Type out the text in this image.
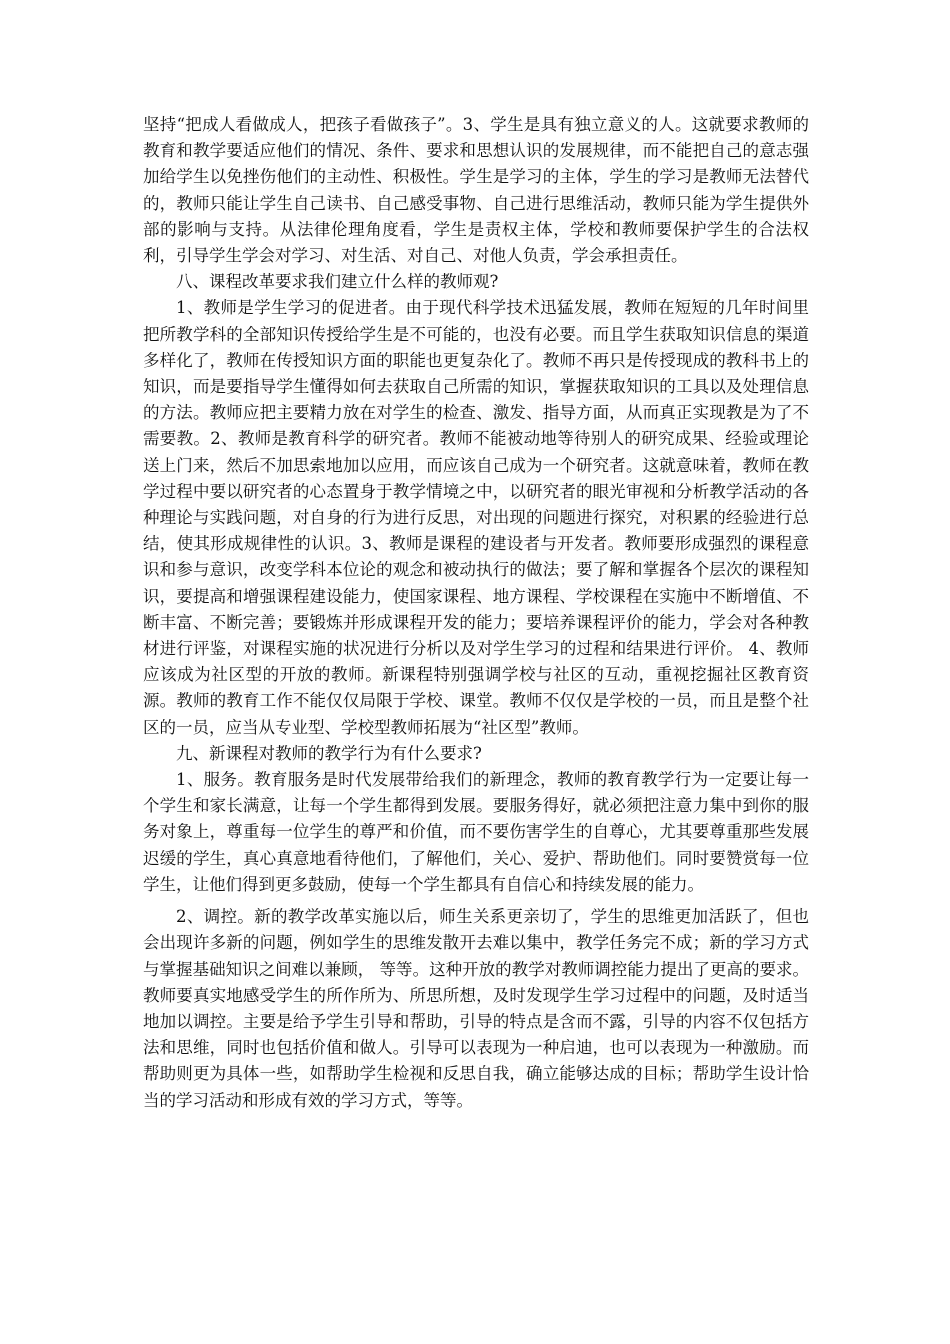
坚持“把成人看做成人，把孩子看做孩子”。3、学生是具有独立意义的人。这就要求教师的教育和教学要适应他们的情况、条件、要求和思想认识的发展规律，而不能把自己的意志强加给学生以免挫伤他们的主动性、积极性。学生是学习的主体，学生的学习是教师无法替代的，教师只能让学生自己读书、自己感受事物、自己进行思维活动，教师只能为学生提供外部的影响与支持。从法律伦理角度看，学生是责权主体，学校和教师要保护学生的合法权利，引导学生学会对学习、对生活、对自己、对他人负责，学会承担责任。

八、课程改革要求我们建立什么样的教师观?

1、教师是学生学习的促进者。由于现代科学技术迅猛发展，教师在短短的几年时间里把所教学科的全部知识传授给学生是不可能的，也没有必要。而且学生获取知识信息的渠道多样化了，教师在传授知识方面的职能也更复杂化了。教师不再只是传授现成的教科书上的知识，而是要指导学生懂得如何去获取自己所需的知识，掌握获取知识的工具以及处理信息的方法。教师应把主要精力放在对学生的检查、激发、指导方面，从而真正实现教是为了不需要教。2、教师是教育科学的研究者。教师不能被动地等待别人的研究成果、经验或理论送上门来，然后不加思索地加以应用，而应该自己成为一个研究者。这就意味着，教师在教学过程中要以研究者的心态置身于教学情境之中，以研究者的眼光审视和分析教学活动的各种理论与实践问题，对自身的行为进行反思，对出现的问题进行探究，对积累的经验进行总结，使其形成规律性的认识。3、教师是课程的建设者与开发者。教师要形成强烈的课程意识和参与意识，改变学科本位论的观念和被动执行的做法；要了解和掌握各个层次的课程知识，要提高和增强课程建设能力，使国家课程、地方课程、学校课程在实施中不断增值、不断丰富、不断完善；要锻炼并形成课程开发的能力；要培养课程评价的能力，学会对各种教材进行评鉴，对课程实施的状况进行分析以及对学生学习的过程和结果进行评价。 4、教师应该成为社区型的开放的教师。新课程特别强调学校与社区的互动，重视挖掘社区教育资源。教师的教育工作不能仅仅局限于学校、课堂。教师不仅仅是学校的一员，而且是整个社区的一员，应当从专业型、学校型教师拓展为“社区型”教师。

九、新课程对教师的教学行为有什么要求?

1、服务。教育服务是时代发展带给我们的新理念，教师的教育教学行为一定要让每一个学生和家长满意，让每一个学生都得到发展。要服务得好，就必须把注意力集中到你的服务对象上，尊重每一位学生的尊严和价值，而不要伤害学生的自尊心，尤其要尊重那些发展迟缓的学生，真心真意地看待他们，了解他们，关心、爱护、帮助他们。同时要赞赏每一位学生，让他们得到更多鼓励，使每一个学生都具有自信心和持续发展的能力。

2、调控。新的教学改革实施以后，师生关系更亲切了，学生的思维更加活跃了，但也会出现许多新的问题，例如学生的思维发散开去难以集中，教学任务完不成；新的学习方式与掌握基础知识之间难以兼顾， 等等。这种开放的教学对教师调控能力提出了更高的要求。教师要真实地感受学生的所作所为、所思所想，及时发现学生学习过程中的问题，及时适当地加以调控。主要是给予学生引导和帮助，引导的特点是含而不露，引导的内容不仅包括方法和思维，同时也包括价值和做人。引导可以表现为一种启迪，也可以表现为一种激励。而帮助则更为具体一些，如帮助学生检视和反思自我，确立能够达成的目标；帮助学生设计恰当的学习活动和形成有效的学习方式，等等。
